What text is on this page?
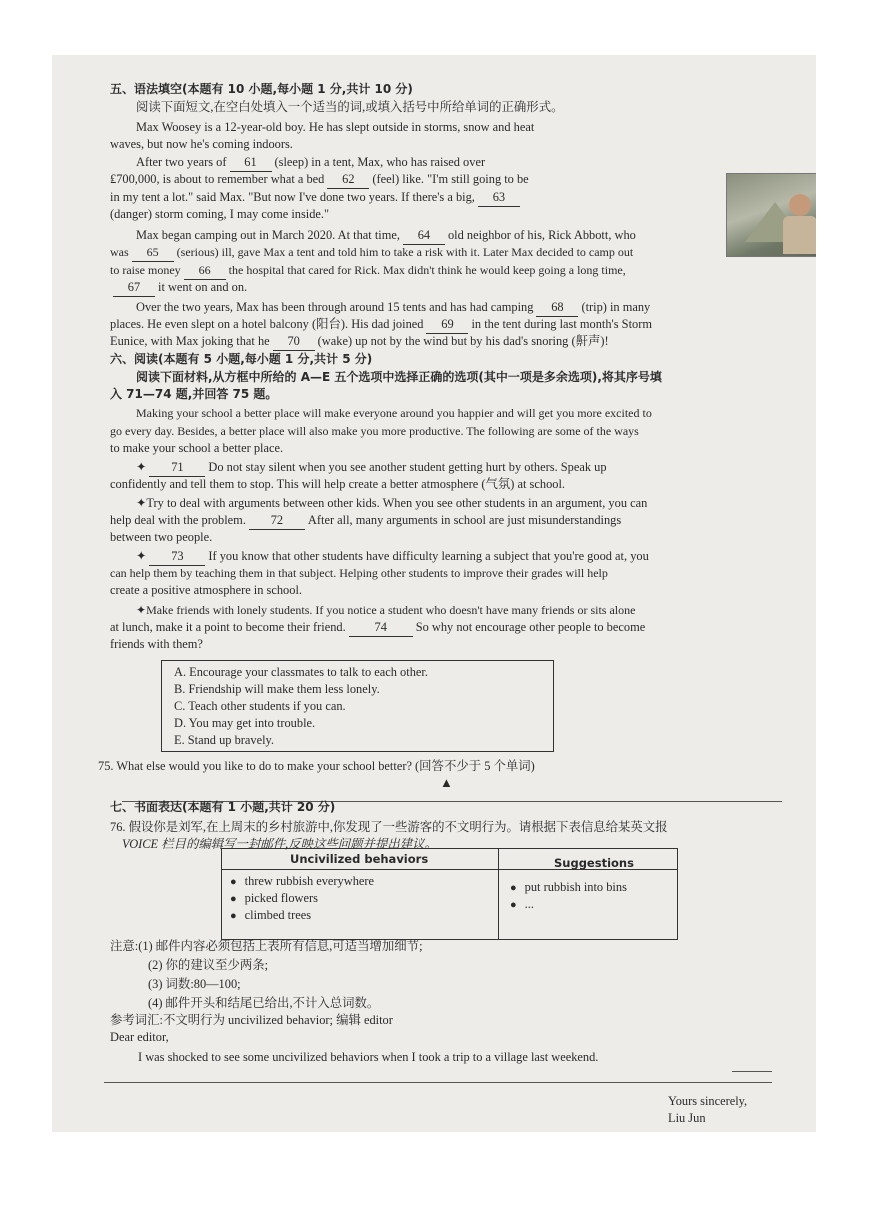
五、语法填空(本题有 10 小题,每小题 1 分,共计 10 分)
阅读下面短文,在空白处填入一个适当的词,或填入括号中所给单词的正确形式。
Max Woosey is a 12-year-old boy. He has slept outside in storms, snow and heat
waves, but now he's coming indoors.
After two years of 61 (sleep) in a tent, Max, who has raised over
₤700,000, is about to remember what a bed 62 (feel) like. "I'm still going to be
in my tent a lot." said Max. "But now I've done two years. If there's a big, 63
(danger) storm coming, I may come inside."
Max began camping out in March 2020. At that time, 64 old neighbor of his, Rick Abbott, who
was 65 (serious) ill, gave Max a tent and told him to take a risk with it. Later Max decided to camp out
to raise money 66 the hospital that cared for Rick. Max didn't think he would keep going a long time,
67 it went on and on.
Over the two years, Max has been through around 15 tents and has had camping 68 (trip) in many
places. He even slept on a hotel balcony (阳台). His dad joined 69 in the tent during last month's Storm
Eunice, with Max joking that he 70 (wake) up not by the wind but by his dad's snoring (鼾声)!
六、阅读(本题有 5 小题,每小题 1 分,共计 5 分)
阅读下面材料,从方框中所给的 A—E 五个选项中选择正确的选项(其中一项是多余选项),将其序号填
入 71—74 题,并回答 75 题。
Making your school a better place will make everyone around you happier and will get you more excited to
go every day. Besides, a better place will also make you more productive. The following are some of the ways
to make your school a better place.
✦ 71 Do not stay silent when you see another student getting hurt by others. Speak up
confidently and tell them to stop. This will help create a better atmosphere (气氛) at school.
✦Try to deal with arguments between other kids. When you see other students in an argument, you can
help deal with the problem. 72 After all, many arguments in school are just misunderstandings
between two people.
✦ 73 If you know that other students have difficulty learning a subject that you're good at, you
can help them by teaching them in that subject. Helping other students to improve their grades will help
create a positive atmosphere in school.
✦Make friends with lonely students. If you notice a student who doesn't have many friends or sits alone
at lunch, make it a point to become their friend. 74 So why not encourage other people to become
friends with them?
A. Encourage your classmates to talk to each other.
B. Friendship will make them less lonely.
C. Teach other students if you can.
D. You may get into trouble.
E. Stand up bravely.
75. What else would you like to do to make your school better? (回答不少于 5 个单词)
▲
七、书面表达(本题有 1 小题,共计 20 分)
76. 假设你是刘军,在上周末的乡村旅游中,你发现了一些游客的不文明行为。请根据下表信息给某英文报
VOICE 栏目的编辑写一封邮件,反映这些问题并提出建议。
Uncivilized behaviors	Suggestions
● threw rubbish everywhere
● picked flowers
● climbed trees
● put rubbish into bins
● ...
注意:(1) 邮件内容必须包括上表所有信息,可适当增加细节;
(2) 你的建议至少两条;
(3) 词数:80—100;
(4) 邮件开头和结尾已给出,不计入总词数。
参考词汇:不文明行为 uncivilized behavior; 编辑 editor
Dear editor,
I was shocked to see some uncivilized behaviors when I took a trip to a village last weekend.
Yours sincerely,
Liu Jun
